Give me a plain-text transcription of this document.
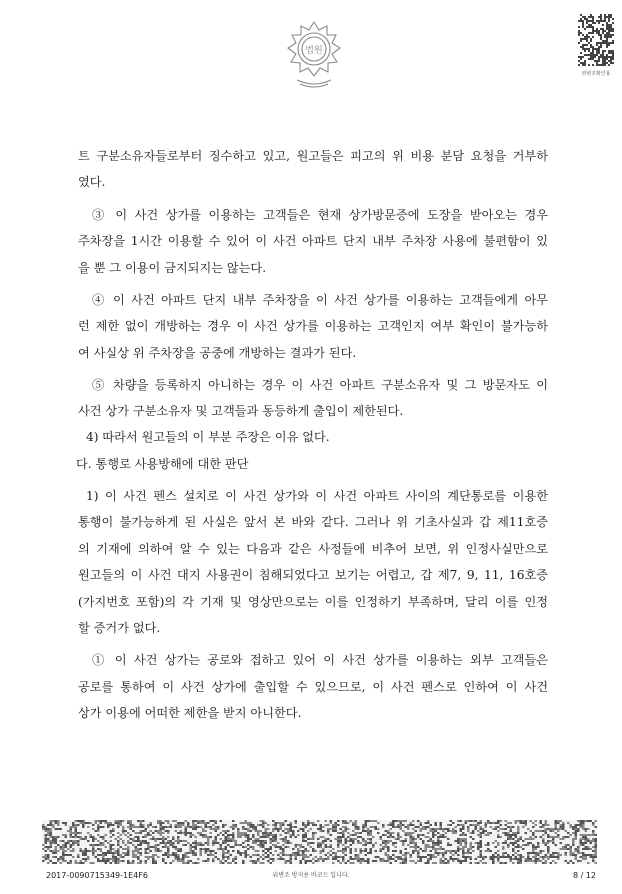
법원
위변조확인용
트 구분소유자들로부터 징수하고 있고, 원고들은 피고의 위 비용 분담 요청을 거부하
였다.
③ 이 사건 상가를 이용하는 고객들은 현재 상가방문증에 도장을 받아오는 경우
주차장을 1시간 이용할 수 있어 이 사건 아파트 단지 내부 주차장 사용에 불편함이 있
을 뿐 그 이용이 금지되지는 않는다.
④ 이 사건 아파트 단지 내부 주차장을 이 사건 상가를 이용하는 고객들에게 아무
런 제한 없이 개방하는 경우 이 사건 상가를 이용하는 고객인지 여부 확인이 불가능하
여 사실상 위 주차장을 공중에 개방하는 결과가 된다.
⑤ 차량을 등록하지 아니하는 경우 이 사건 아파트 구분소유자 및 그 방문자도 이
사건 상가 구분소유자 및 고객들과 동등하게 출입이 제한된다.
4) 따라서 원고들의 이 부분 주장은 이유 없다.
다. 통행로 사용방해에 대한 판단
1) 이 사건 펜스 설치로 이 사건 상가와 이 사건 아파트 사이의 계단통로를 이용한
통행이 불가능하게 된 사실은 앞서 본 바와 같다. 그러나 위 기초사실과 갑 제11호증
의 기재에 의하여 알 수 있는 다음과 같은 사정들에 비추어 보면, 위 인정사실만으로
원고들의 이 사건 대지 사용권이 침해되었다고 보기는 어렵고, 갑 제7, 9, 11, 16호증
(가지번호 포함)의 각 기재 및 영상만으로는 이를 인정하기 부족하며, 달리 이를 인정
할 증거가 없다.
① 이 사건 상가는 공로와 접하고 있어 이 사건 상가를 이용하는 외부 고객들은
공로를 통하여 이 사건 상가에 출입할 수 있으므로, 이 사건 펜스로 인하여 이 사건
상가 이용에 어떠한 제한을 받지 아니한다.
2017-0090715349-1E4F6	위변조 방지용 바코드 입니다.	8 / 12
